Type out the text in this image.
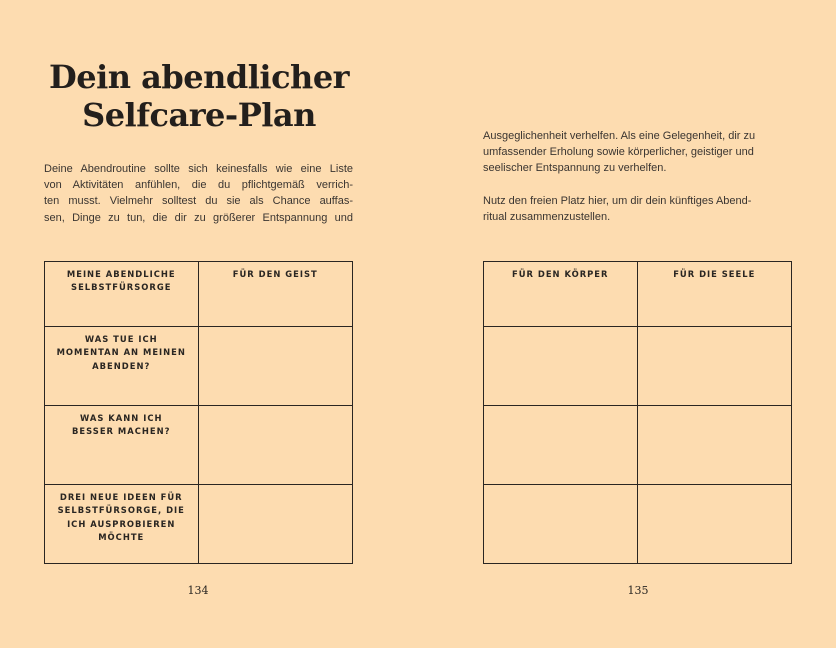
Dein abendlicher
Selfcare-Plan

Deine Abendroutine sollte sich keinesfalls wie eine Liste
von Aktivitäten anfühlen, die du pflichtgemäß verrich-
ten musst. Vielmehr solltest du sie als Chance auffas-
sen, Dinge zu tun, die dir zu größerer Entspannung und

MEINE ABENDLICHE
SELBSTFÜRSORGE
FÜR DEN GEIST
WAS TUE ICH
MOMENTAN AN MEINEN
ABENDEN?
WAS KANN ICH
BESSER MACHEN?
DREI NEUE IDEEN FÜR
SELBSTFÜRSORGE, DIE
ICH AUSPROBIEREN
MÖCHTE
134

Ausgeglichenheit verhelfen. Als eine Gelegenheit, dir zu
umfassender Erholung sowie körperlicher, geistiger und
seelischer Entspannung zu verhelfen.

Nutz den freien Platz hier, um dir dein künftiges Abend-
ritual zusammenzustellen.

FÜR DEN KÖRPER	FÜR DIE SEELE
135
